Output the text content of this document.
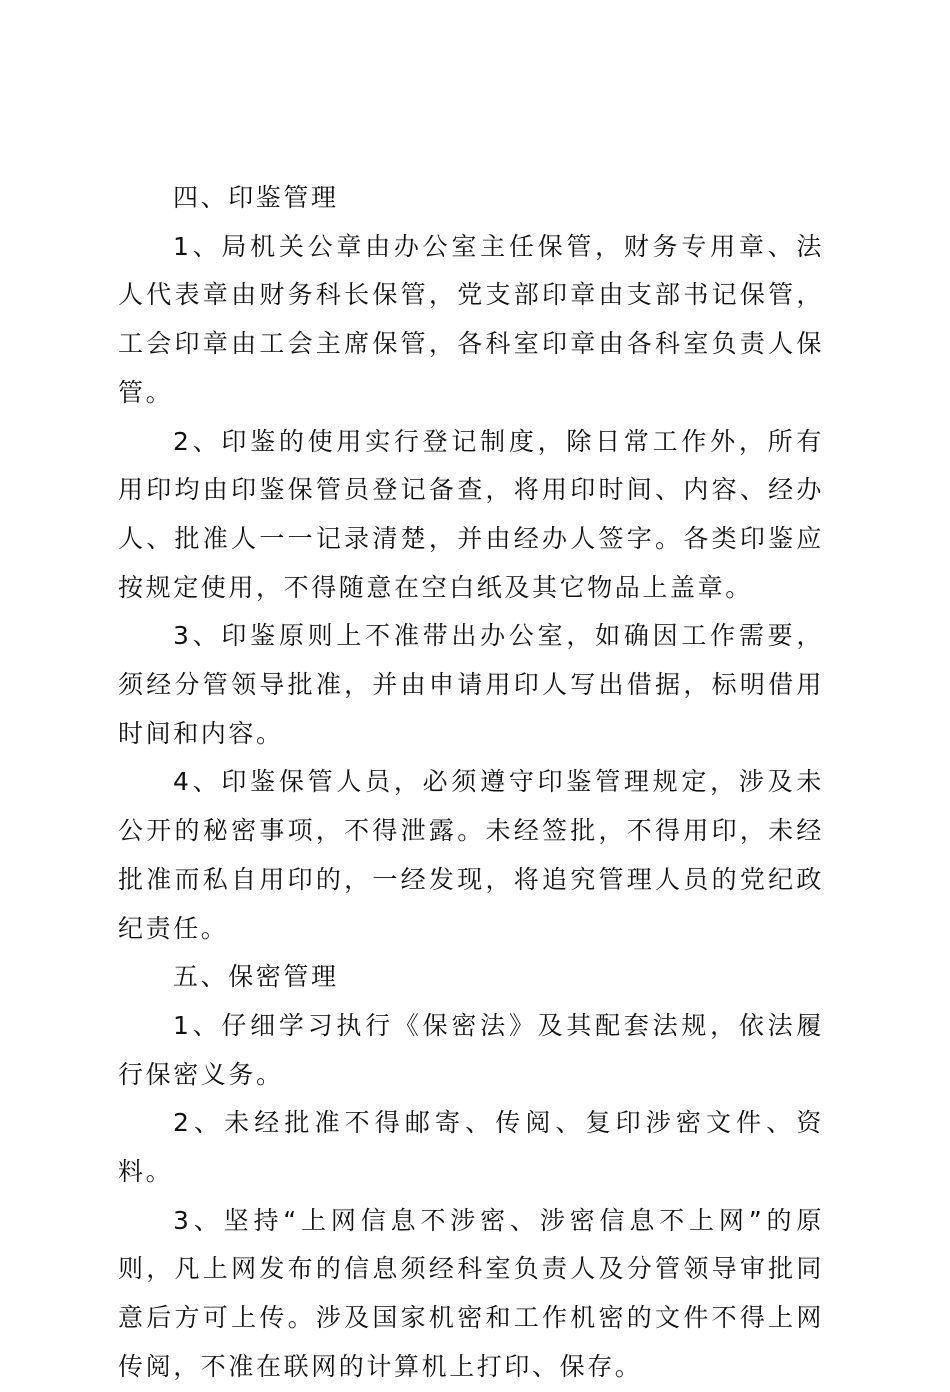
四、印鉴管理

1、局机关公章由办公室主任保管，财务专用章、法人代表章由财务科长保管，党支部印章由支部书记保管，工会印章由工会主席保管，各科室印章由各科室负责人保管。

2、印鉴的使用实行登记制度，除日常工作外，所有用印均由印鉴保管员登记备查，将用印时间、内容、经办人、批准人一一记录清楚，并由经办人签字。各类印鉴应按规定使用，不得随意在空白纸及其它物品上盖章。

3、印鉴原则上不准带出办公室，如确因工作需要，须经分管领导批准，并由申请用印人写出借据，标明借用时间和内容。

4、印鉴保管人员，必须遵守印鉴管理规定，涉及未公开的秘密事项，不得泄露。未经签批，不得用印，未经批准而私自用印的，一经发现，将追究管理人员的党纪政纪责任。

五、保密管理

1、仔细学习执行《保密法》及其配套法规，依法履行保密义务。

2、未经批准不得邮寄、传阅、复印涉密文件、资料。

3、坚持“上网信息不涉密、涉密信息不上网”的原则，凡上网发布的信息须经科室负责人及分管领导审批同意后方可上传。涉及国家机密和工作机密的文件不得上网传阅，不准在联网的计算机上打印、保存。
